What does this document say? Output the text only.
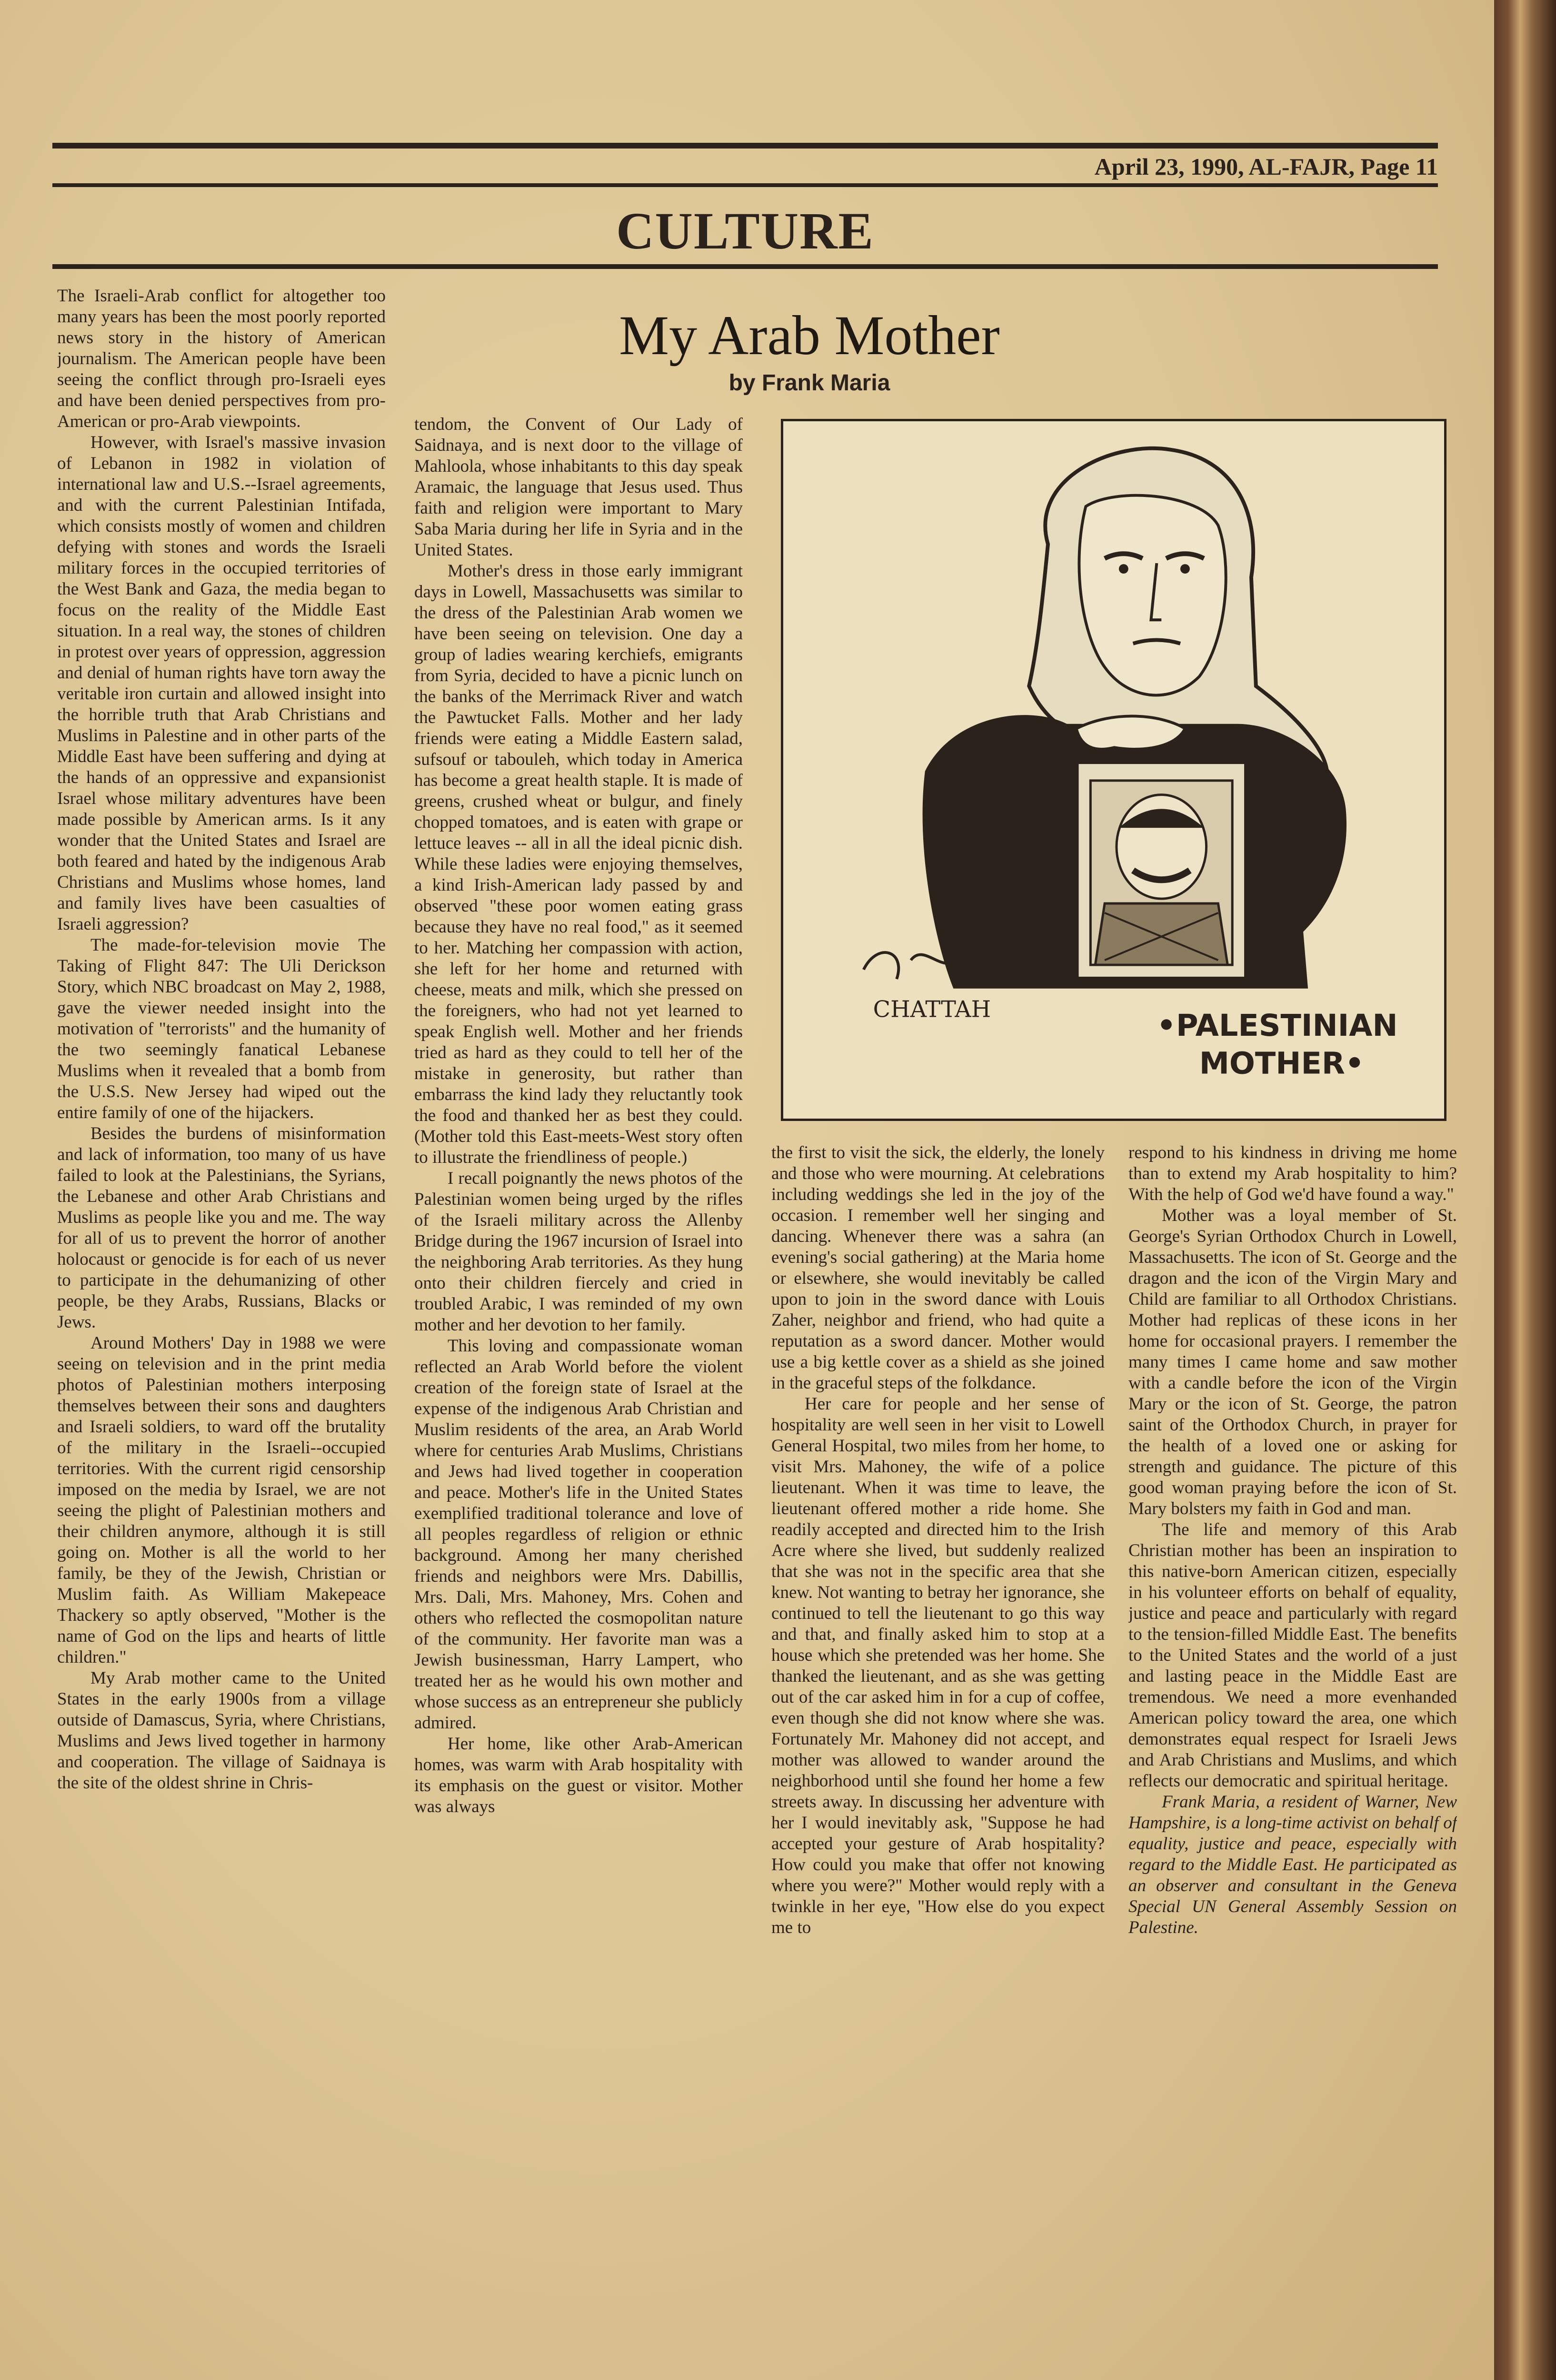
April 23, 1990, AL-FAJR, Page 11
CULTURE
My Arab Mother
by Frank Maria

The Israeli-Arab conflict for altogether too many years has been the most poorly reported news story in the history of American journalism. The American people have been seeing the conflict through pro-Israeli eyes and have been denied perspectives from pro-American or pro-Arab viewpoints.

However, with Israel's massive invasion of Lebanon in 1982 in violation of international law and U.S.--Israel agreements, and with the current Palestinian Intifada, which consists mostly of women and children defying with stones and words the Israeli military forces in the occupied territories of the West Bank and Gaza, the media began to focus on the reality of the Middle East situation. In a real way, the stones of children in protest over years of oppression, aggression and denial of human rights have torn away the veritable iron curtain and allowed insight into the horrible truth that Arab Christians and Muslims in Palestine and in other parts of the Middle East have been suffering and dying at the hands of an oppressive and expansionist Israel whose military adventures have been made possible by American arms. Is it any wonder that the United States and Israel are both feared and hated by the indigenous Arab Christians and Muslims whose homes, land and family lives have been casualties of Israeli aggression?

The made-for-television movie The Taking of Flight 847: The Uli Derickson Story, which NBC broadcast on May 2, 1988, gave the viewer needed insight into the motivation of "terrorists" and the humanity of the two seemingly fanatical Lebanese Muslims when it revealed that a bomb from the U.S.S. New Jersey had wiped out the entire family of one of the hijackers.

Besides the burdens of misinformation and lack of information, too many of us have failed to look at the Palestinians, the Syrians, the Lebanese and other Arab Christians and Muslims as people like you and me. The way for all of us to prevent the horror of another holocaust or genocide is for each of us never to participate in the dehumanizing of other people, be they Arabs, Russians, Blacks or Jews.

Around Mothers' Day in 1988 we were seeing on television and in the print media photos of Palestinian mothers interposing themselves between their sons and daughters and Israeli soldiers, to ward off the brutality of the military in the Israeli--occupied territories. With the current rigid censorship imposed on the media by Israel, we are not seeing the plight of Palestinian mothers and their children anymore, although it is still going on. Mother is all the world to her family, be they of the Jewish, Christian or Muslim faith. As William Makepeace Thackery so aptly observed, "Mother is the name of God on the lips and hearts of little children."

My Arab mother came to the United States in the early 1900s from a village outside of Damascus, Syria, where Christians, Muslims and Jews lived together in harmony and cooperation. The village of Saidnaya is the site of the oldest shrine in Chris-

tendom, the Convent of Our Lady of Saidnaya, and is next door to the village of Mahloola, whose inhabitants to this day speak Aramaic, the language that Jesus used. Thus faith and religion were important to Mary Saba Maria during her life in Syria and in the United States.

Mother's dress in those early immigrant days in Lowell, Massachusetts was similar to the dress of the Palestinian Arab women we have been seeing on television. One day a group of ladies wearing kerchiefs, emigrants from Syria, decided to have a picnic lunch on the banks of the Merrimack River and watch the Pawtucket Falls. Mother and her lady friends were eating a Middle Eastern salad, sufsouf or tabouleh, which today in America has become a great health staple. It is made of greens, crushed wheat or bulgur, and finely chopped tomatoes, and is eaten with grape or lettuce leaves -- all in all the ideal picnic dish. While these ladies were enjoying themselves, a kind Irish-American lady passed by and observed "these poor women eating grass because they have no real food," as it seemed to her. Matching her compassion with action, she left for her home and returned with cheese, meats and milk, which she pressed on the foreigners, who had not yet learned to speak English well. Mother and her friends tried as hard as they could to tell her of the mistake in generosity, but rather than embarrass the kind lady they reluctantly took the food and thanked her as best they could. (Mother told this East-meets-West story often to illustrate the friendliness of people.)

I recall poignantly the news photos of the Palestinian women being urged by the rifles of the Israeli military across the Allenby Bridge during the 1967 incursion of Israel into the neighboring Arab territories. As they hung onto their children fiercely and cried in troubled Arabic, I was reminded of my own mother and her devotion to her family.

This loving and compassionate woman reflected an Arab World before the violent creation of the foreign state of Israel at the expense of the indigenous Arab Christian and Muslim residents of the area, an Arab World where for centuries Arab Muslims, Christians and Jews had lived together in cooperation and peace. Mother's life in the United States exemplified traditional tolerance and love of all peoples regardless of religion or ethnic background. Among her many cherished friends and neighbors were Mrs. Dabillis, Mrs. Dali, Mrs. Mahoney, Mrs. Cohen and others who reflected the cosmopolitan nature of the community. Her favorite man was a Jewish businessman, Harry Lampert, who treated her as he would his own mother and whose success as an entrepreneur she publicly admired.

Her home, like other Arab-American homes, was warm with Arab hospitality with its emphasis on the guest or visitor. Mother was always

CHATTAH	•PALESTINIAN
MOTHER•

the first to visit the sick, the elderly, the lonely and those who were mourning. At celebrations including weddings she led in the joy of the occasion. I remember well her singing and dancing. Whenever there was a sahra (an evening's social gathering) at the Maria home or elsewhere, she would inevitably be called upon to join in the sword dance with Louis Zaher, neighbor and friend, who had quite a reputation as a sword dancer. Mother would use a big kettle cover as a shield as she joined in the graceful steps of the folkdance.

Her care for people and her sense of hospitality are well seen in her visit to Lowell General Hospital, two miles from her home, to visit Mrs. Mahoney, the wife of a police lieutenant. When it was time to leave, the lieutenant offered mother a ride home. She readily accepted and directed him to the Irish Acre where she lived, but suddenly realized that she was not in the specific area that she knew. Not wanting to betray her ignorance, she continued to tell the lieutenant to go this way and that, and finally asked him to stop at a house which she pretended was her home. She thanked the lieutenant, and as she was getting out of the car asked him in for a cup of coffee, even though she did not know where she was. Fortunately Mr. Mahoney did not accept, and mother was allowed to wander around the neighborhood until she found her home a few streets away. In discussing her adventure with her I would inevitably ask, "Suppose he had accepted your gesture of Arab hospitality? How could you make that offer not knowing where you were?" Mother would reply with a twinkle in her eye, "How else do you expect me to

respond to his kindness in driving me home than to extend my Arab hospitality to him? With the help of God we'd have found a way."

Mother was a loyal member of St. George's Syrian Orthodox Church in Lowell, Massachusetts. The icon of St. George and the dragon and the icon of the Virgin Mary and Child are familiar to all Orthodox Christians. Mother had replicas of these icons in her home for occasional prayers. I remember the many times I came home and saw mother with a candle before the icon of the Virgin Mary or the icon of St. George, the patron saint of the Orthodox Church, in prayer for the health of a loved one or asking for strength and guidance. The picture of this good woman praying before the icon of St. Mary bolsters my faith in God and man.

The life and memory of this Arab Christian mother has been an inspiration to this native-born American citizen, especially in his volunteer efforts on behalf of equality, justice and peace and particularly with regard to the tension-filled Middle East. The benefits to the United States and the world of a just and lasting peace in the Middle East are tremendous. We need a more evenhanded American policy toward the area, one which demonstrates equal respect for Israeli Jews and Arab Christians and Muslims, and which reflects our democratic and spiritual heritage.

Frank Maria, a resident of Warner, New Hampshire, is a long-time activist on behalf of equality, justice and peace, especially with regard to the Middle East. He participated as an observer and consultant in the Geneva Special UN General Assembly Session on Palestine.
